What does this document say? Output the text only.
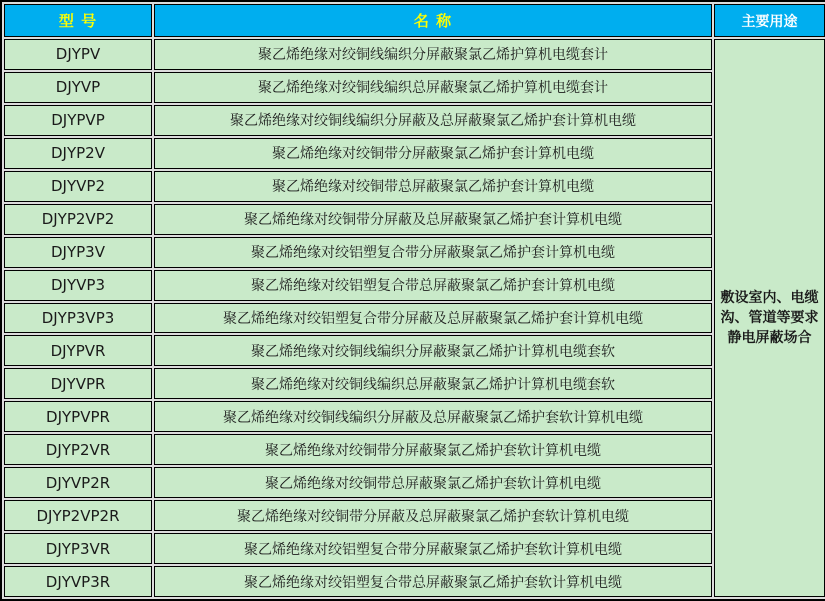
型 号	名 称	主要用途
DJYPV	聚乙烯绝缘对绞铜线编织分屏蔽聚氯乙烯护算机电缆套计	敷设室内、电缆沟、管道等要求静电屏蔽场合
DJYVP	聚乙烯绝缘对绞铜线编织总屏蔽聚氯乙烯护算机电缆套计	
DJYPVP	聚乙烯绝缘对绞铜线编织分屏蔽及总屏蔽聚氯乙烯护套计算机电缆	
DJYP2V	聚乙烯绝缘对绞铜带分屏蔽聚氯乙烯护套计算机电缆	
DJYVP2	聚乙烯绝缘对绞铜带总屏蔽聚氯乙烯护套计算机电缆	
DJYP2VP2	聚乙烯绝缘对绞铜带分屏蔽及总屏蔽聚氯乙烯护套计算机电缆	
DJYP3V	聚乙烯绝缘对绞铝塑复合带分屏蔽聚氯乙烯护套计算机电缆	
DJYVP3	聚乙烯绝缘对绞铝塑复合带总屏蔽聚氯乙烯护套计算机电缆	
DJYP3VP3	聚乙烯绝缘对绞铝塑复合带分屏蔽及总屏蔽聚氯乙烯护套计算机电缆	
DJYPVR	聚乙烯绝缘对绞铜线编织分屏蔽聚氯乙烯护计算机电缆套软	
DJYVPR	聚乙烯绝缘对绞铜线编织总屏蔽聚氯乙烯护计算机电缆套软	
DJYPVPR	聚乙烯绝缘对绞铜线编织分屏蔽及总屏蔽聚氯乙烯护套软计算机电缆	
DJYP2VR	聚乙烯绝缘对绞铜带分屏蔽聚氯乙烯护套软计算机电缆	
DJYVP2R	聚乙烯绝缘对绞铜带总屏蔽聚氯乙烯护套软计算机电缆	
DJYP2VP2R	聚乙烯绝缘对绞铜带分屏蔽及总屏蔽聚氯乙烯护套软计算机电缆	
DJYP3VR	聚乙烯绝缘对绞铝塑复合带分屏蔽聚氯乙烯护套软计算机电缆	
DJYVP3R	聚乙烯绝缘对绞铝塑复合带总屏蔽聚氯乙烯护套软计算机电缆	
